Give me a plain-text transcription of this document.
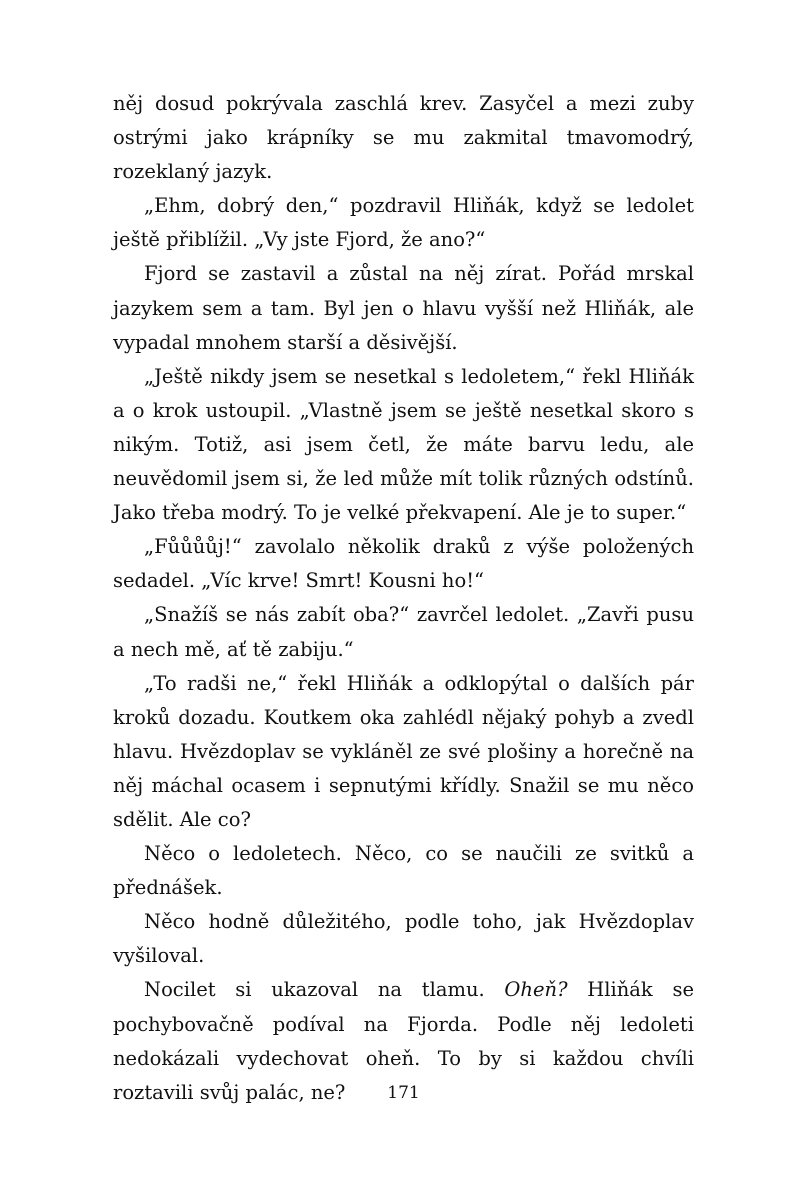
něj dosud pokrývala zaschlá krev. Zasyčel a mezi zuby ostrými jako krápníky se mu zakmital tmavomodrý, rozeklaný jazyk.

„Ehm, dobrý den,“ pozdravil Hliňák, když se ledolet ještě přiblížil. „Vy jste Fjord, že ano?“

Fjord se zastavil a zůstal na něj zírat. Pořád mrskal jazykem sem a tam. Byl jen o hlavu vyšší než Hliňák, ale vypadal mnohem starší a děsivější.

„Ještě nikdy jsem se nesetkal s ledoletem,“ řekl Hliňák a o krok ustoupil. „Vlastně jsem se ještě nesetkal skoro s nikým. Totiž, asi jsem četl, že máte barvu ledu, ale neuvědomil jsem si, že led může mít tolik různých odstínů. Jako třeba modrý. To je velké překvapení. Ale je to super.“

„Fůůůůj!“ zavolalo několik draků z výše položených sedadel. „Víc krve! Smrt! Kousni ho!“

„Snažíš se nás zabít oba?“ zavrčel ledolet. „Zavři pusu a nech mě, ať tě zabiju.“

„To radši ne,“ řekl Hliňák a odklopýtal o dalších pár kroků dozadu. Koutkem oka zahlédl nějaký pohyb a zvedl hlavu. Hvězdoplav se vykláněl ze své plošiny a horečně na něj máchal ocasem i sepnutými křídly. Snažil se mu něco sdělit. Ale co?

Něco o ledoletech. Něco, co se naučili ze svitků a přednášek.

Něco hodně důležitého, podle toho, jak Hvězdoplav vyšiloval.

Nocilet si ukazoval na tlamu. Oheň? Hliňák se pochybovačně podíval na Fjorda. Podle něj ledoleti nedokázali vydechovat oheň. To by si každou chvíli roztavili svůj palác, ne?	171
